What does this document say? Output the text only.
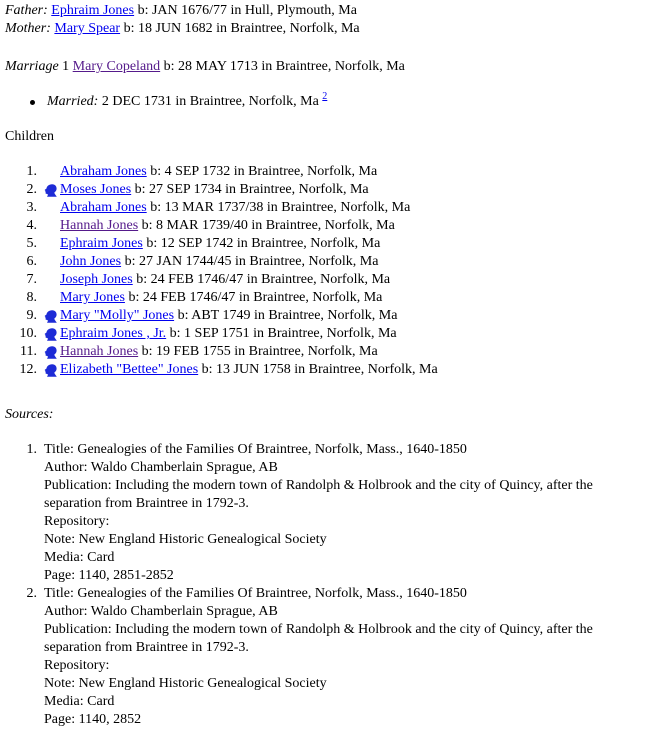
Father: Ephraim Jones b: JAN 1676/77 in Hull, Plymouth, Ma
Mother: Mary Spear b: 18 JUN 1682 in Braintree, Norfolk, Ma
Marriage 1 Mary Copeland b: 28 MAY 1713 in Braintree, Norfolk, Ma
Married: 2 DEC 1731 in Braintree, Norfolk, Ma $^2$
Children
1. Abraham Jones b: 4 SEP 1732 in Braintree, Norfolk, Ma
2. Moses Jones b: 27 SEP 1734 in Braintree, Norfolk, Ma
3. Abraham Jones b: 13 MAR 1737/38 in Braintree, Norfolk, Ma
4. Hannah Jones b: 8 MAR 1739/40 in Braintree, Norfolk, Ma
5. Ephraim Jones b: 12 SEP 1742 in Braintree, Norfolk, Ma
6. John Jones b: 27 JAN 1744/45 in Braintree, Norfolk, Ma
7. Joseph Jones b: 24 FEB 1746/47 in Braintree, Norfolk, Ma
8. Mary Jones b: 24 FEB 1746/47 in Braintree, Norfolk, Ma
9. Mary "Molly" Jones b: ABT 1749 in Braintree, Norfolk, Ma
10. Ephraim Jones , Jr. b: 1 SEP 1751 in Braintree, Norfolk, Ma
11. Hannah Jones b: 19 FEB 1755 in Braintree, Norfolk, Ma
12. Elizabeth "Bettee" Jones b: 13 JUN 1758 in Braintree, Norfolk, Ma
Sources:
1. Title: Genealogies of the Families Of Braintree, Norfolk, Mass., 1640-1850
Author: Waldo Chamberlain Sprague, AB
Publication: Including the modern town of Randolph & Holbrook and the city of Quincy, after the
separation from Braintree in 1792-3.
Repository:
Note: New England Historic Genealogical Society
Media: Card
Page: 1140, 2851-2852
2. Title: Genealogies of the Families Of Braintree, Norfolk, Mass., 1640-1850
Author: Waldo Chamberlain Sprague, AB
Publication: Including the modern town of Randolph & Holbrook and the city of Quincy, after the
separation from Braintree in 1792-3.
Repository:
Note: New England Historic Genealogical Society
Media: Card
Page: 1140, 2852
